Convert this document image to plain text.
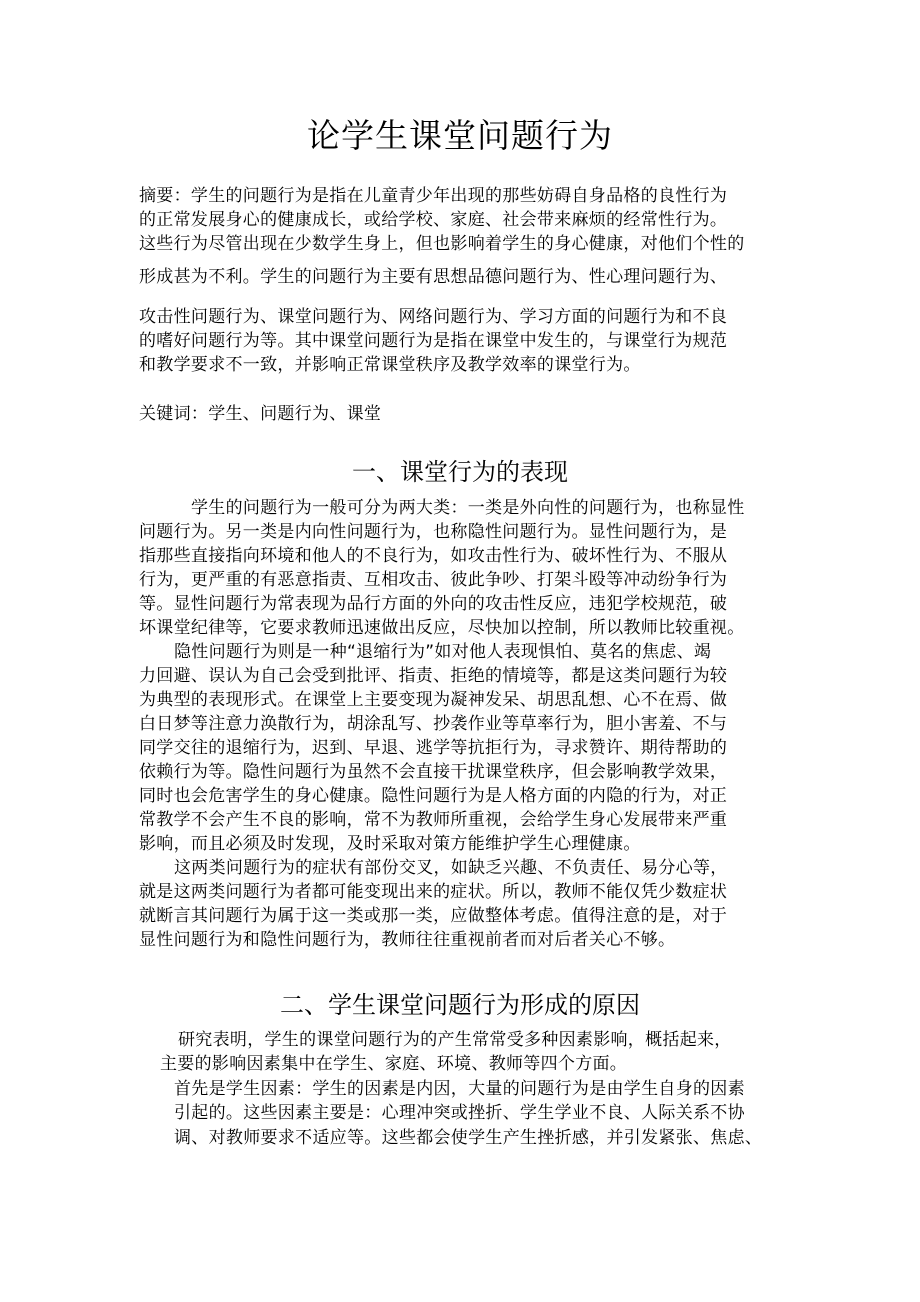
论学生课堂问题行为
摘要：学生的问题行为是指在儿童青少年出现的那些妨碍自身品格的良性行为
的正常发展身心的健康成长，或给学校、家庭、社会带来麻烦的经常性行为。
这些行为尽管出现在少数学生身上，但也影响着学生的身心健康，对他们个性的
形成甚为不利。学生的问题行为主要有思想品德问题行为、性心理问题行为、
攻击性问题行为、课堂问题行为、网络问题行为、学习方面的问题行为和不良
的嗜好问题行为等。其中课堂问题行为是指在课堂中发生的，与课堂行为规范
和教学要求不一致，并影响正常课堂秩序及教学效率的课堂行为。
关键词：学生、问题行为、课堂
一、课堂行为的表现
学生的问题行为一般可分为两大类：一类是外向性的问题行为，也称显性
问题行为。另一类是内向性问题行为，也称隐性问题行为。显性问题行为，是
指那些直接指向环境和他人的不良行为，如攻击性行为、破坏性行为、不服从
行为，更严重的有恶意指责、互相攻击、彼此争吵、打架斗殴等冲动纷争行为
等。显性问题行为常表现为品行方面的外向的攻击性反应，违犯学校规范，破
坏课堂纪律等，它要求教师迅速做出反应，尽快加以控制，所以教师比较重视。
隐性问题行为则是一种“退缩行为”如对他人表现惧怕、莫名的焦虑、竭
力回避、误认为自己会受到批评、指责、拒绝的情境等，都是这类问题行为较
为典型的表现形式。在课堂上主要变现为凝神发呆、胡思乱想、心不在焉、做
白日梦等注意力涣散行为，胡涂乱写、抄袭作业等草率行为，胆小害羞、不与
同学交往的退缩行为，迟到、早退、逃学等抗拒行为，寻求赞许、期待帮助的
依赖行为等。隐性问题行为虽然不会直接干扰课堂秩序，但会影响教学效果，
同时也会危害学生的身心健康。隐性问题行为是人格方面的内隐的行为，对正
常教学不会产生不良的影响，常不为教师所重视，会给学生身心发展带来严重
影响，而且必须及时发现，及时采取对策方能维护学生心理健康。
这两类问题行为的症状有部份交叉，如缺乏兴趣、不负责任、易分心等，
就是这两类问题行为者都可能变现出来的症状。所以，教师不能仅凭少数症状
就断言其问题行为属于这一类或那一类，应做整体考虑。值得注意的是，对于
显性问题行为和隐性问题行为，教师往往重视前者而对后者关心不够。
二、学生课堂问题行为形成的原因
研究表明，学生的课堂问题行为的产生常常受多种因素影响，概括起来，
主要的影响因素集中在学生、家庭、环境、教师等四个方面。
首先是学生因素：学生的因素是内因，大量的问题行为是由学生自身的因素
引起的。这些因素主要是：心理冲突或挫折、学生学业不良、人际关系不协
调、对教师要求不适应等。这些都会使学生产生挫折感，并引发紧张、焦虑、
